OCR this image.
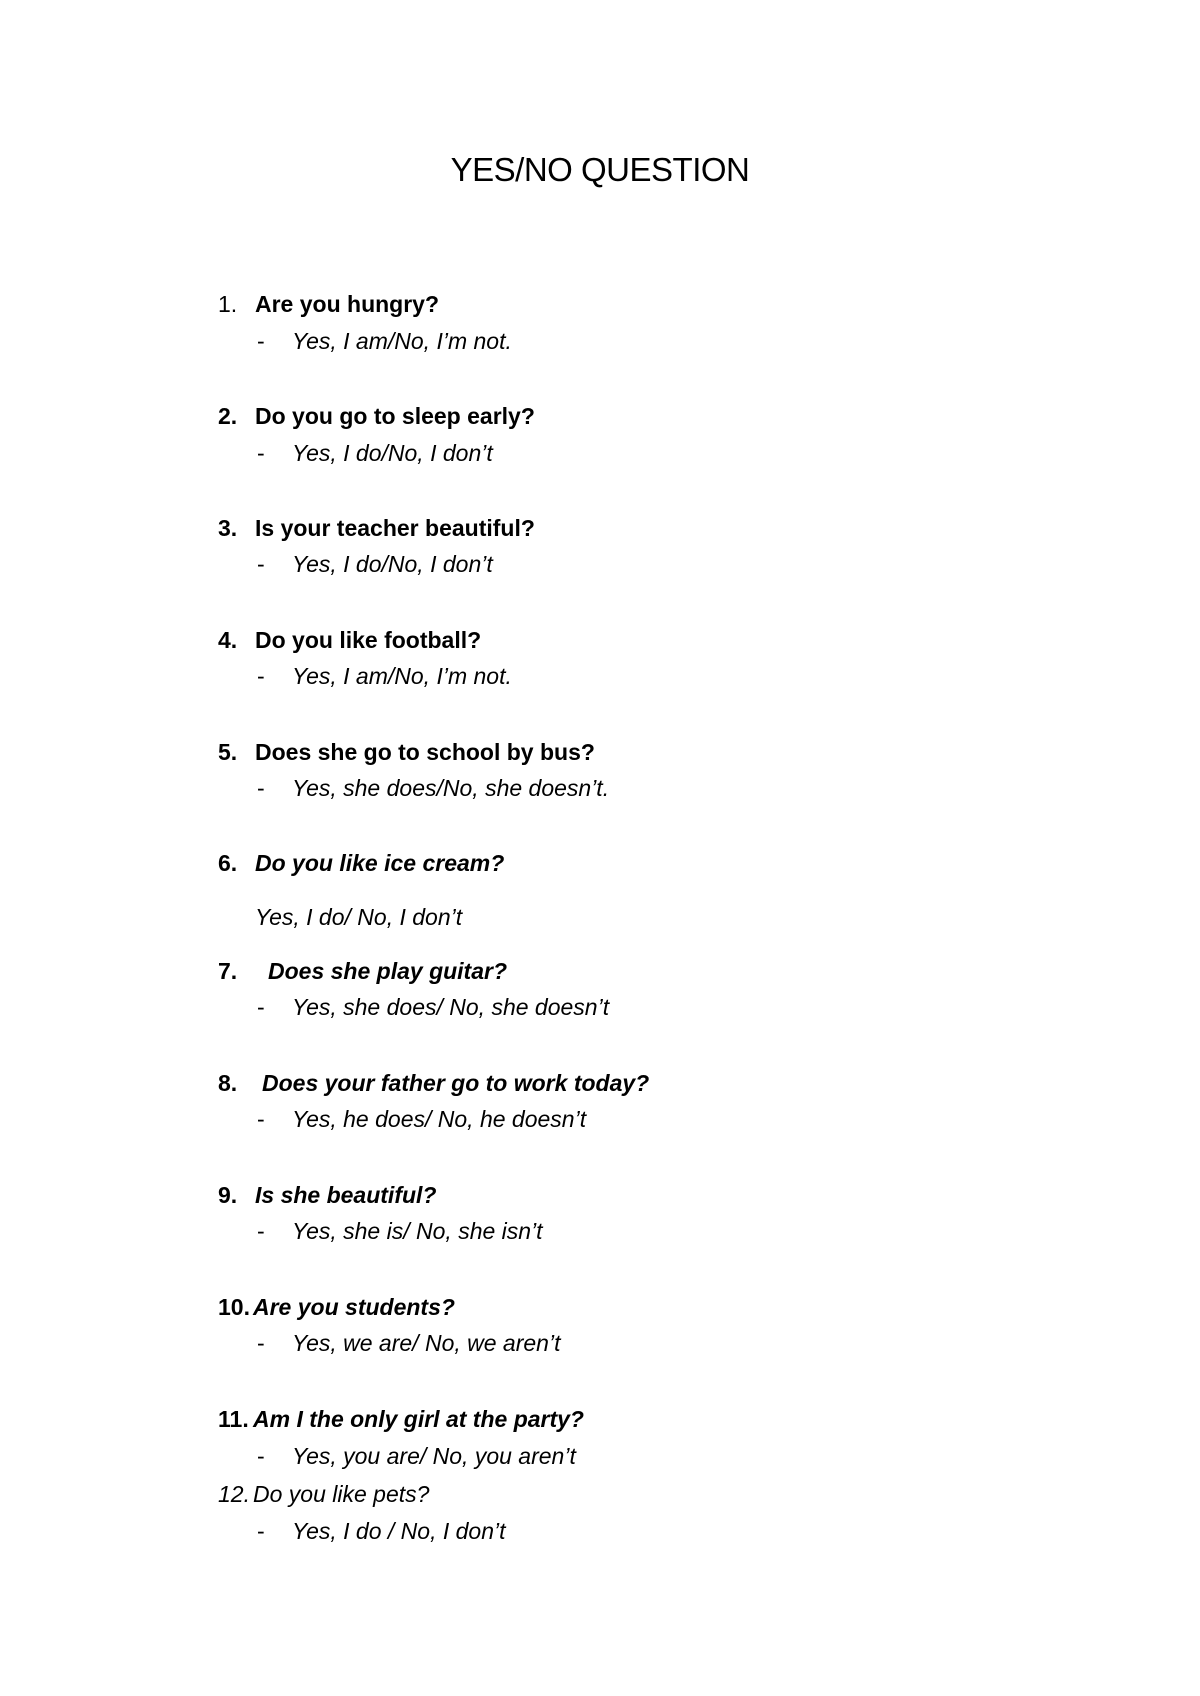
YES/NO QUESTION
1. Are you hungry?
- Yes, I am/No, I’m not.
2. Do you go to sleep early?
- Yes, I do/No, I don’t
3. Is your teacher beautiful?
- Yes, I do/No, I don’t
4. Do you like football?
- Yes, I am/No, I’m not.
5. Does she go to school by bus?
- Yes, she does/No, she doesn’t.
6. Do you like ice cream?
Yes, I do/ No, I don’t
7. Does she play guitar?
- Yes, she does/ No, she doesn’t
8. Does your father go to work today?
- Yes, he does/ No, he doesn’t
9. Is she beautiful?
- Yes, she is/ No, she isn’t
10. Are you students?
- Yes, we are/ No, we aren’t
11. Am I the only girl at the party?
- Yes, you are/ No, you aren’t
12. Do you like pets?
- Yes, I do / No, I don’t
